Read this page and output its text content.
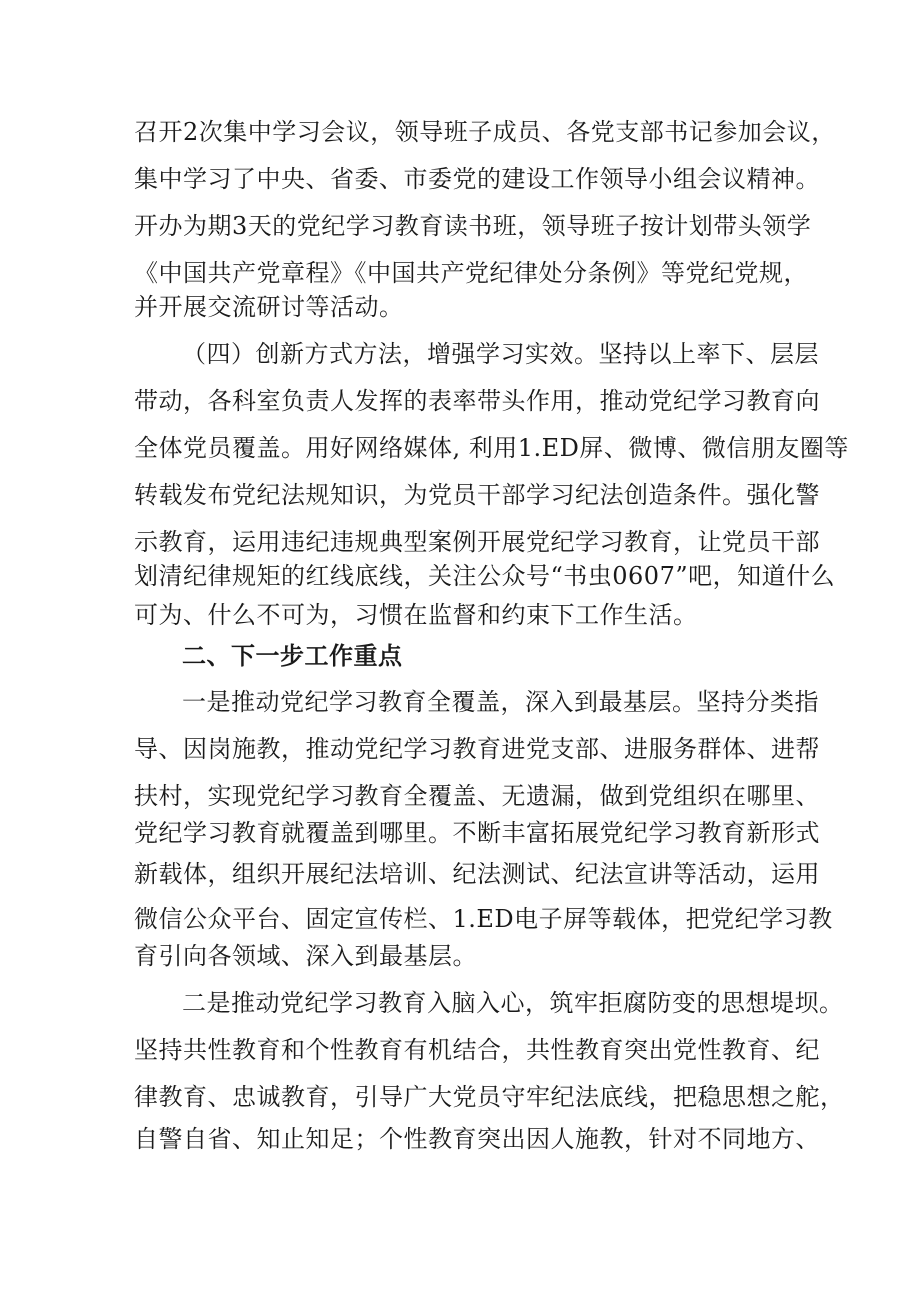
召开2次集中学习会议，领导班子成员、各党支部书记参加会议，
集中学习了中央、省委、市委党的建设工作领导小组会议精神。
开办为期3天的党纪学习教育读书班，领导班子按计划带头领学
《中国共产党章程》《中国共产党纪律处分条例》等党纪党规，
并开展交流研讨等活动。
（四）创新方式方法，增强学习实效。坚持以上率下、层层
带动，各科室负责人发挥的表率带头作用，推动党纪学习教育向
全体党员覆盖。用好网络媒体, 利用1.ED屏、微博、微信朋友圈等
转载发布党纪法规知识，为党员干部学习纪法创造条件。强化警
示教育，运用违纪违规典型案例开展党纪学习教育，让党员干部
划清纪律规矩的红线底线，关注公众号“书虫0607”吧，知道什么
可为、什么不可为，习惯在监督和约束下工作生活。
二、下一步工作重点
一是推动党纪学习教育全覆盖，深入到最基层。坚持分类指
导、因岗施教，推动党纪学习教育进党支部、进服务群体、进帮
扶村，实现党纪学习教育全覆盖、无遗漏，做到党组织在哪里、
党纪学习教育就覆盖到哪里。不断丰富拓展党纪学习教育新形式
新载体，组织开展纪法培训、纪法测试、纪法宣讲等活动，运用
微信公众平台、固定宣传栏、1.ED电子屏等载体，把党纪学习教
育引向各领域、深入到最基层。
二是推动党纪学习教育入脑入心，筑牢拒腐防变的思想堤坝。
坚持共性教育和个性教育有机结合，共性教育突出党性教育、纪
律教育、忠诚教育，引导广大党员守牢纪法底线，把稳思想之舵，
自警自省、知止知足；个性教育突出因人施教，针对不同地方、
